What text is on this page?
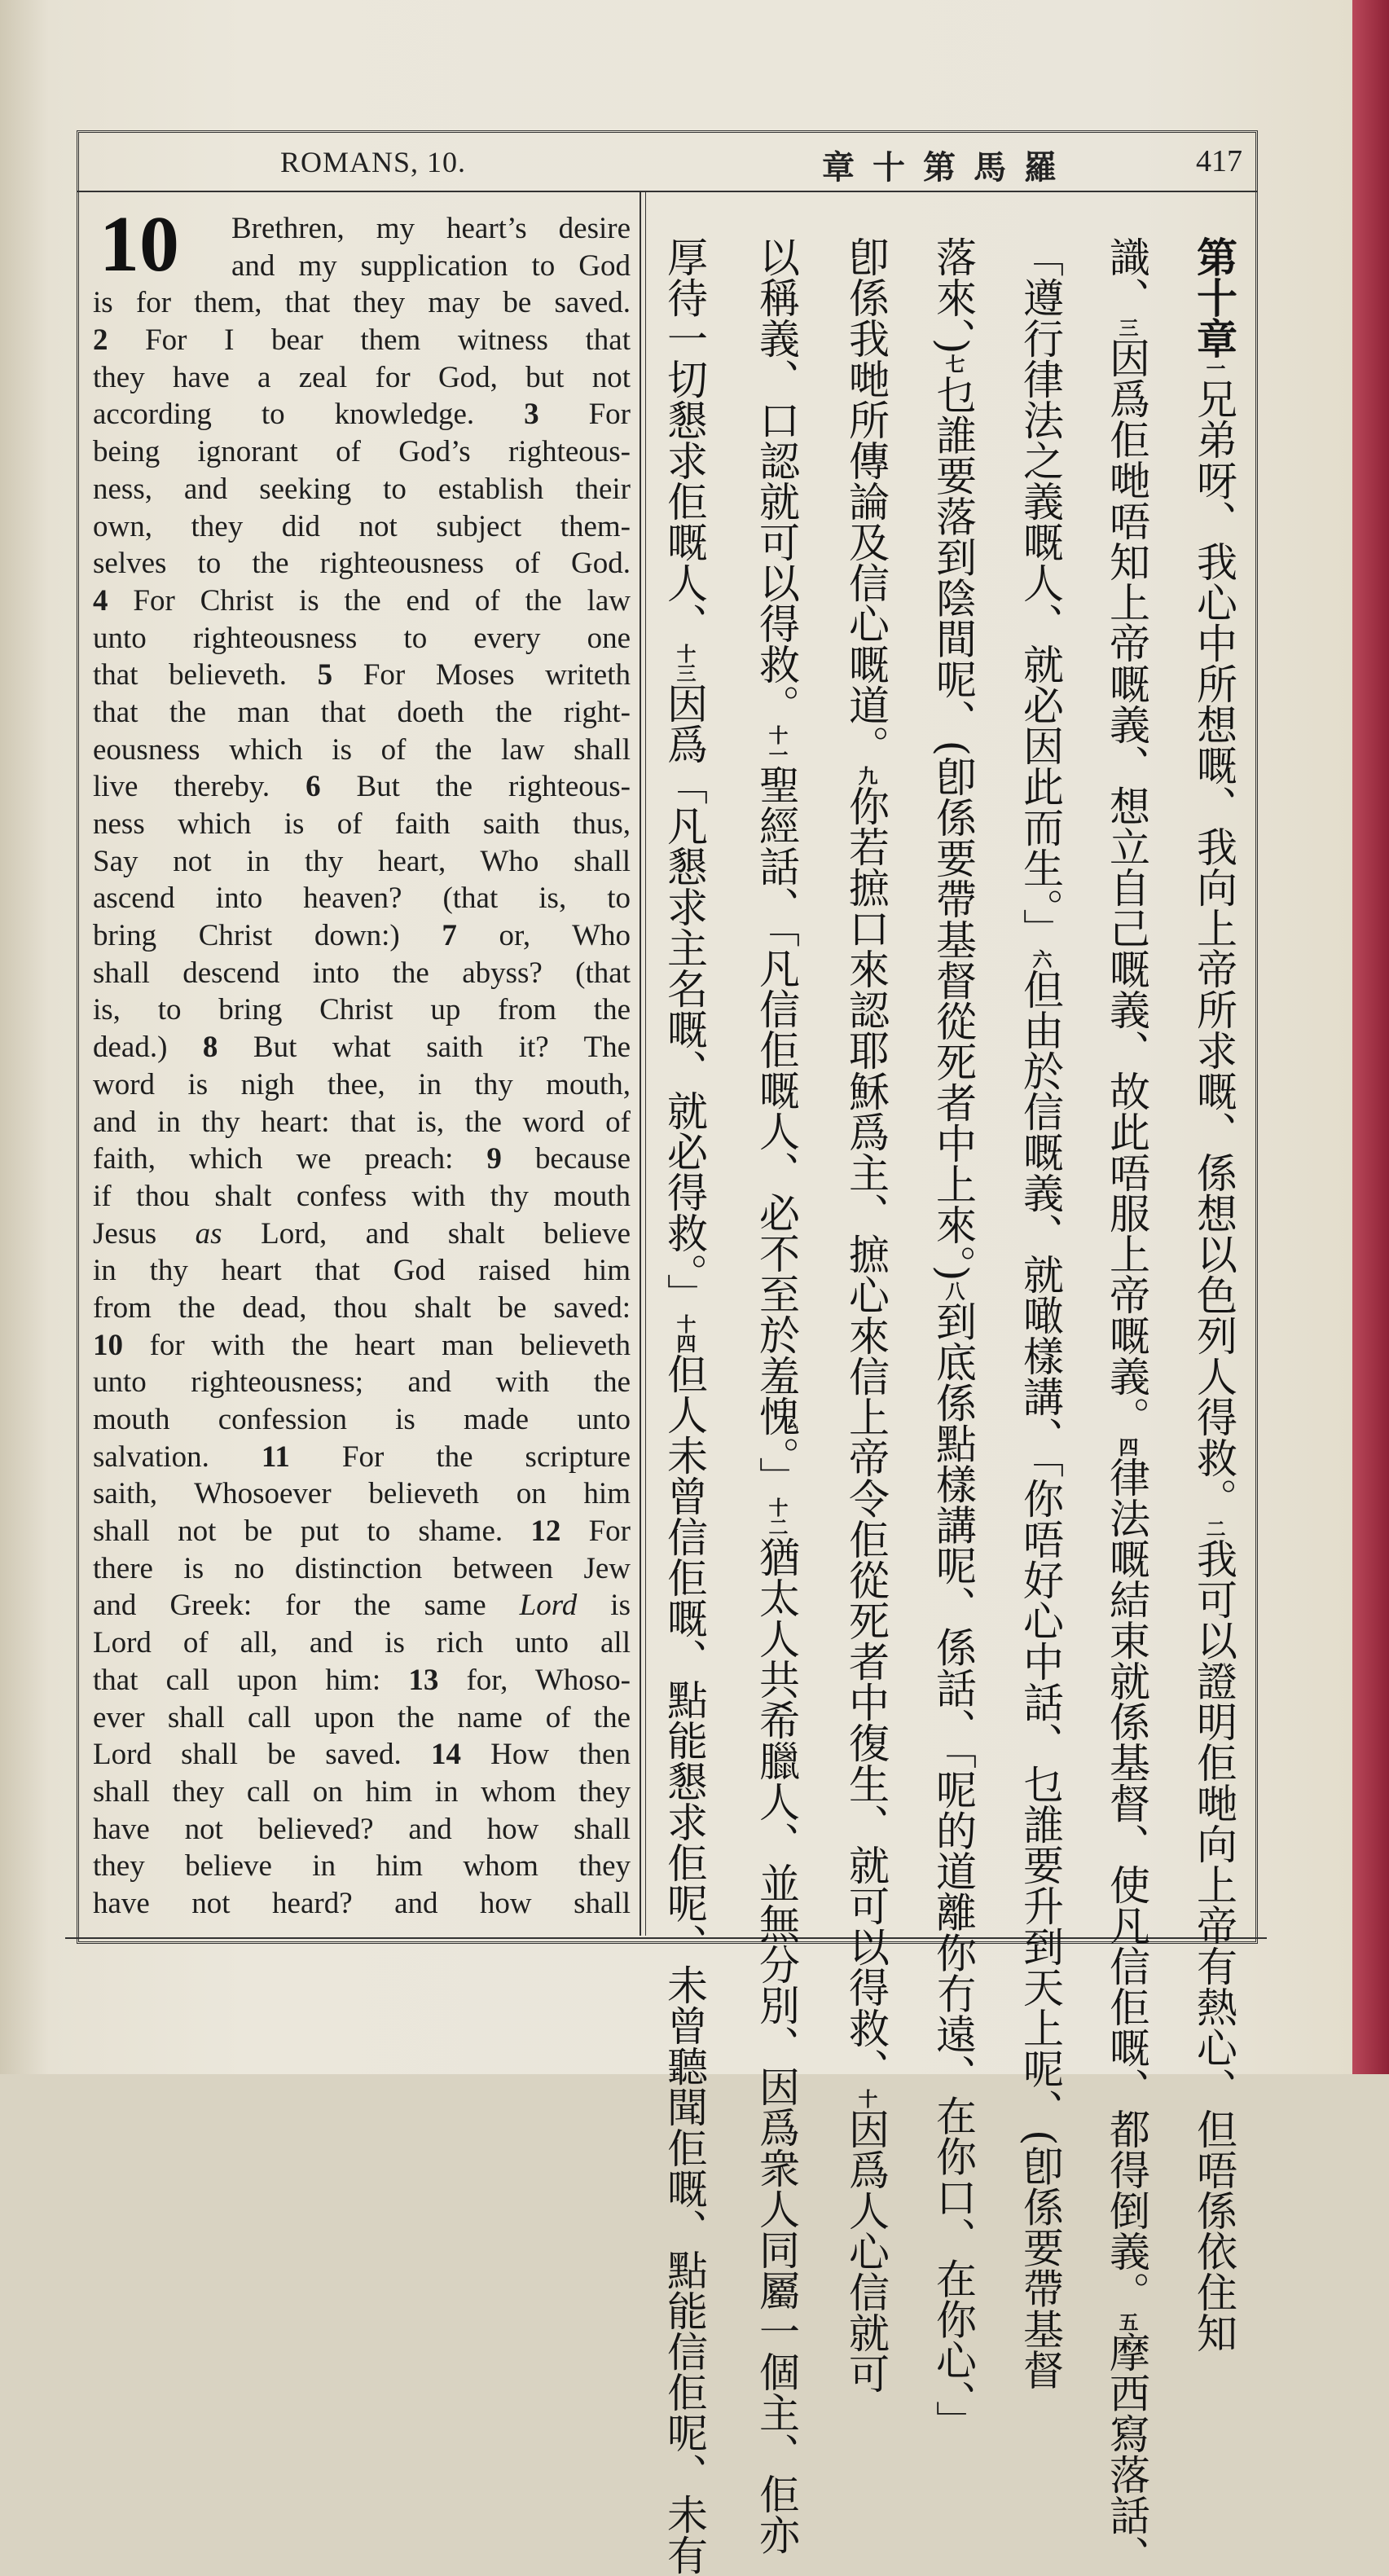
ROMANS, 10.	章十第馬羅	417
10	Brethren, my heart’s desire
and my supplication to God
is for them, that they may be saved.
2 For I bear them witness that
they have a zeal for God, but not
according to knowledge. 3 For
being ignorant of God’s righteous-
ness, and seeking to establish their
own, they did not subject them-
selves to the righteousness of God.
4 For Christ is the end of the law
unto righteousness to every one
that believeth. 5 For Moses writeth
that the man that doeth the right-
eousness which is of the law shall
live thereby. 6 But the righteous-
ness which is of faith saith thus,
Say not in thy heart, Who shall
ascend into heaven? (that is, to
bring Christ down:) 7 or, Who
shall descend into the abyss? (that
is, to bring Christ up from the
dead.) 8 But what saith it? The
word is nigh thee, in thy mouth,
and in thy heart: that is, the word of
faith, which we preach: 9 because
if thou shalt confess with thy mouth
Jesus as Lord, and shalt believe
in thy heart that God raised him
from the dead, thou shalt be saved:
10 for with the heart man believeth
unto righteousness; and with the
mouth confession is made unto
salvation. 11 For the scripture
saith, Whosoever believeth on him
shall not be put to shame. 12 For
there is no distinction between Jew
and Greek: for the same Lord is
Lord of all, and is rich unto all
that call upon him: 13 for, Whoso-
ever shall call upon the name of the
Lord shall be saved. 14 How then
shall they call on him in whom they
have not believed? and how shall
they believe in him whom they
have not heard? and how shall
第十章一兄弟呀、我心中所想嘅、我向上帝所求嘅、係想以色列人得救。二我可以證明佢哋向上帝有熱心、但唔係依住知
識、三因爲佢哋唔知上帝嘅義、想立自己嘅義、故此唔服上帝嘅義。四律法嘅結束就係基督、使凡信佢嘅、都得倒義。五摩西寫落話、
「遵行律法之義嘅人、就必因此而生。」六但由於信嘅義、就噉樣講、「你唔好心中話、乜誰要升到天上呢、(卽係要帶基督
落來、)七乜誰要落到陰間呢、(卽係要帶基督從死者中上來。)八到底係點樣講呢、係話、「呢的道離你冇遠、在你口、在你心、」
卽係我哋所傳論及信心嘅道。九你若摭口來認耶穌爲主、摭心來信上帝令佢從死者中復生、就可以得救、十因爲人心信就可
以稱義、口認就可以得救。十一聖經話、「凡信佢嘅人、必不至於羞愧。」十二猶太人共希臘人、並無分別、因爲衆人同屬一個主、佢亦
厚待一切懇求佢嘅人、十三因爲「凡懇求主名嘅、就必得救。」十四但人未曾信佢嘅、點能懇求佢呢、未曾聽聞佢嘅、點能信佢呢、未有
